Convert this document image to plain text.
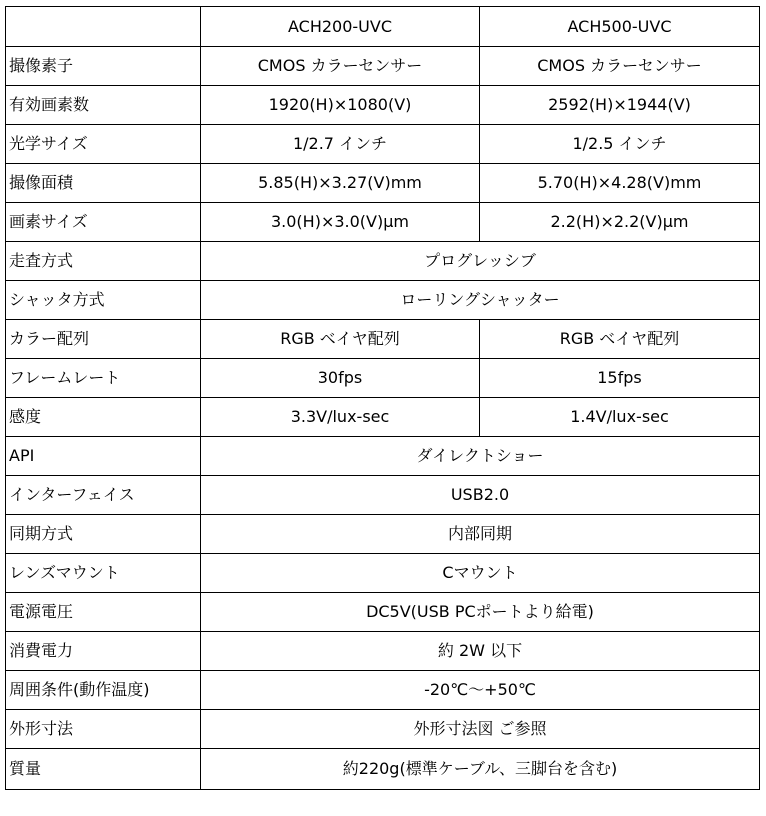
	ACH200-UVC	ACH500-UVC
撮像素子	CMOS カラーセンサー	CMOS カラーセンサー
有効画素数	1920(H)×1080(V)	2592(H)×1944(V)
光学サイズ	1/2.7 インチ	1/2.5 インチ
撮像面積	5.85(H)×3.27(V)mm	5.70(H)×4.28(V)mm
画素サイズ	3.0(H)×3.0(V)μm	2.2(H)×2.2(V)μm
走査方式	プログレッシブ	
シャッタ方式	ローリングシャッター	
カラー配列	RGB ベイヤ配列	RGB ベイヤ配列
フレームレート	30fps	15fps
感度	3.3V/lux-sec	1.4V/lux-sec
API	ダイレクトショー	
インターフェイス	USB2.0	
同期方式	内部同期	
レンズマウント	Cマウント	
電源電圧	DC5V(USB PCポートより給電)	
消費電力	約 2W 以下	
周囲条件(動作温度)	-20℃～+50℃	
外形寸法	外形寸法図 ご参照	
質量	約220g(標準ケーブル、三脚台を含む)	
